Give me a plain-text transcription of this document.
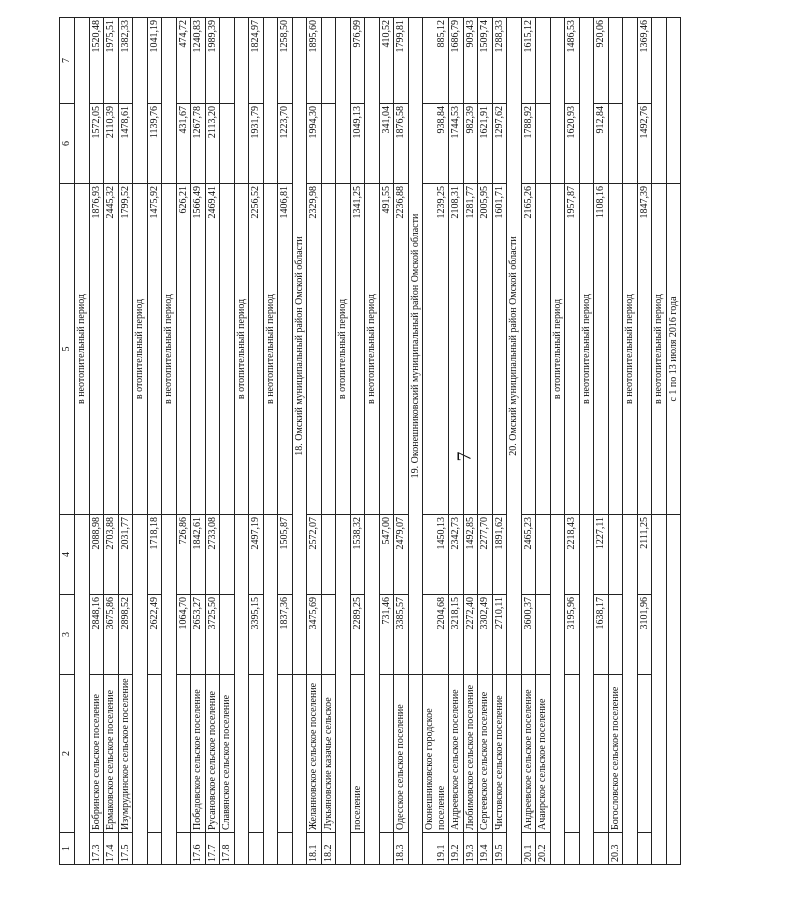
7
1	2	3	4	5	6	7
				в неотопительный период		
17.3	Бобринское сельское поселение	2848,16	2088,98	1876,93	1572,05	1520,48
17.4	Ермаковское сельское поселение	3675,86	2703,88	2445,32	2110,39	1975,51
17.5	Изумрудинское сельское поселение	2898,52	2031,77	1799,52	1478,61	1382,33
				в отопительный период		
		2622,49	1718,18	1475,92	1139,76	1041,19
				в неотопительный период		
		1064,70	726,86	626,21	431,67	474,72
17.6	Победовское сельское поселение	2653,27	1842,61	1566,49	1267,78	1240,83
17.7	Русановское сельское поселение	3725,50	2733,08	2469,41	2113,20	1989,39
17.8	Славянское сельское поселение					
				в отопительный период		
		3395,15	2497,19	2256,52	1931,79	1824,97
				в неотопительный период		
		1837,36	1505,87	1406,81	1223,70	1258,50
		18. Омский муниципальный район Омской области				
18.1	Желанновское сельское поселение	3475,69	2572,07	2329,98	1994,30	1895,60
18.2	Лукьяновские казачье сельское					
				в отопительный период		
	поселение	2289,25	1538,32	1341,25	1049,13	976,99
				в неотопительный период		
		731,46	547,00	491,55	341,04	410,52
18.3	Одесское сельское поселение	3385,57	2479,07	2236,88	1876,58	1799,81
		19. Оконешниковский муниципальный район Омской области				
19.1	Оконешниковское городское поселение	2204,68	1450,13	1239,25	938,84	885,12
19.2	Андреевское сельское поселение	3218,15	2342,73	2108,31	1744,53	1686,79
19.3	Любимовское сельское поселение	2272,40	1492,85	1281,77	982,39	909,43
19.4	Сергеевское сельское поселение	3302,49	2277,70	2005,95	1621,91	1509,74
19.5	Чистовское сельское поселение	2710,11	1891,62	1601,71	1297,62	1288,33
		20. Омский муниципальный район Омской области				
20.1	Андреевское сельское поселение	3600,37	2465,23	2165,26	1788,92	1615,12
20.2	Ачаирское сельское поселение					
				в отопительный период		
		3195,96	2218,43	1957,87	1620,93	1486,53
				в неотопительный период		
		1638,17	1227,11	1108,16	912,84	920,06
20.3	Богословское сельское поселение					
				в неотопительный период		
		3101,96	2111,25	1847,39	1492,76	1369,46
				в неотопительный период		
				с 1 по 13 июля 2016 года		
